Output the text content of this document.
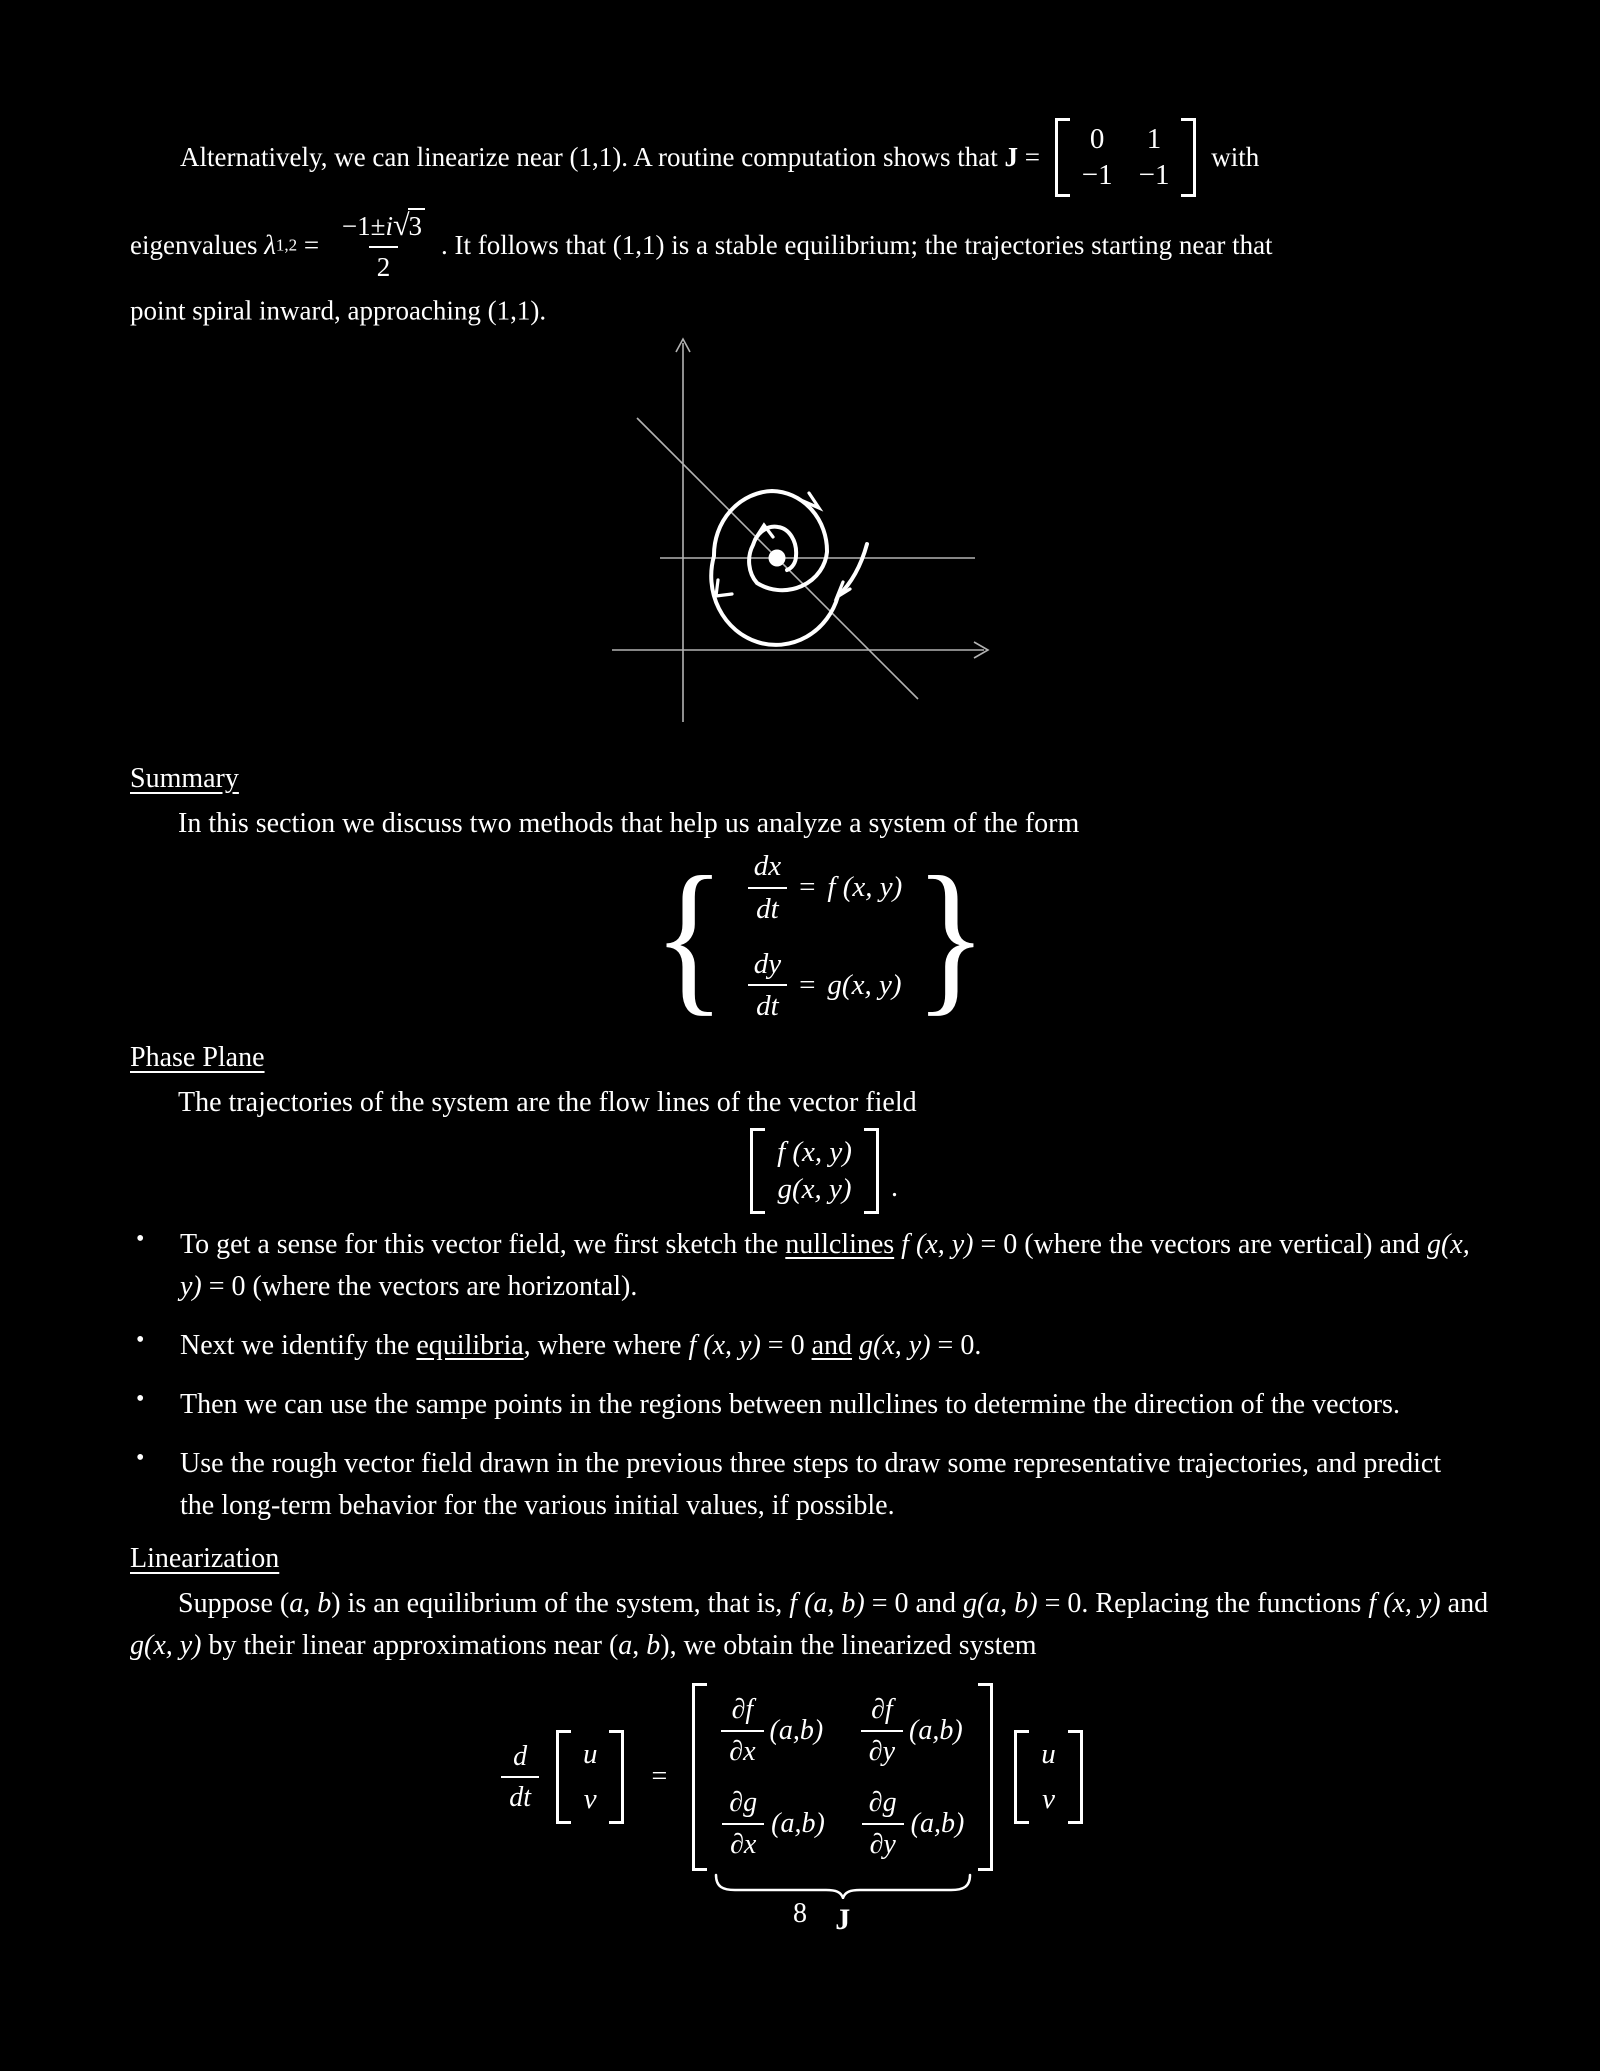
Alternatively, we can linearize near (1,1). A routine computation shows that J =
0 1
−1 −1
with
eigenvalues $\lambda 1,2 = \frac{-1\pm i√3}{2}$ . It follows that (1,1) is a stable equilibrium; the trajectories starting near that
point spiral inward, approaching (1,1).
Summary

In this section we discuss two methods that help us analyze a system of the form

{ $\frac{dx}{dt} = f$ (x, y)
$\frac{dy}{dt} = g(x$, y) }
Phase Plane

The trajectories of the system are the flow lines of the vector field

f (x, y)
g(x, y) .
•	To get a sense for this vector field, we first sketch the nullclines f (x, y) = 0 (where the vectors are vertical) and g(x, y) = 0 (where the vectors are horizontal).

•	Next we identify the equilibria, where where f (x, y) = 0 and g(x, y) = 0.

•	Then we can use the sampe points in the regions between nullclines to determine the direction of the vectors.

•	Use the rough vector field drawn in the previous three steps to draw some representative trajectories, and predict the long-term behavior for the various initial values, if possible.

Linearization

Suppose (a, b) is an equilibrium of the system, that is, f (a, b) = 0 and g(a, b) = 0. Replacing the functions f (x, y) and g(x, y) by their linear approximations near (a, b), we obtain the linearized system

$\frac{d}{dt}$
u
v
=
$\frac{\partial f}{\partial x} (a,b) \frac{\partial f}{\partial y} (a,b)$
$\frac{\partial g}{\partial x} (a,b) \frac{\partial g}{\partial y} (a,b)$
J

u
v
8
